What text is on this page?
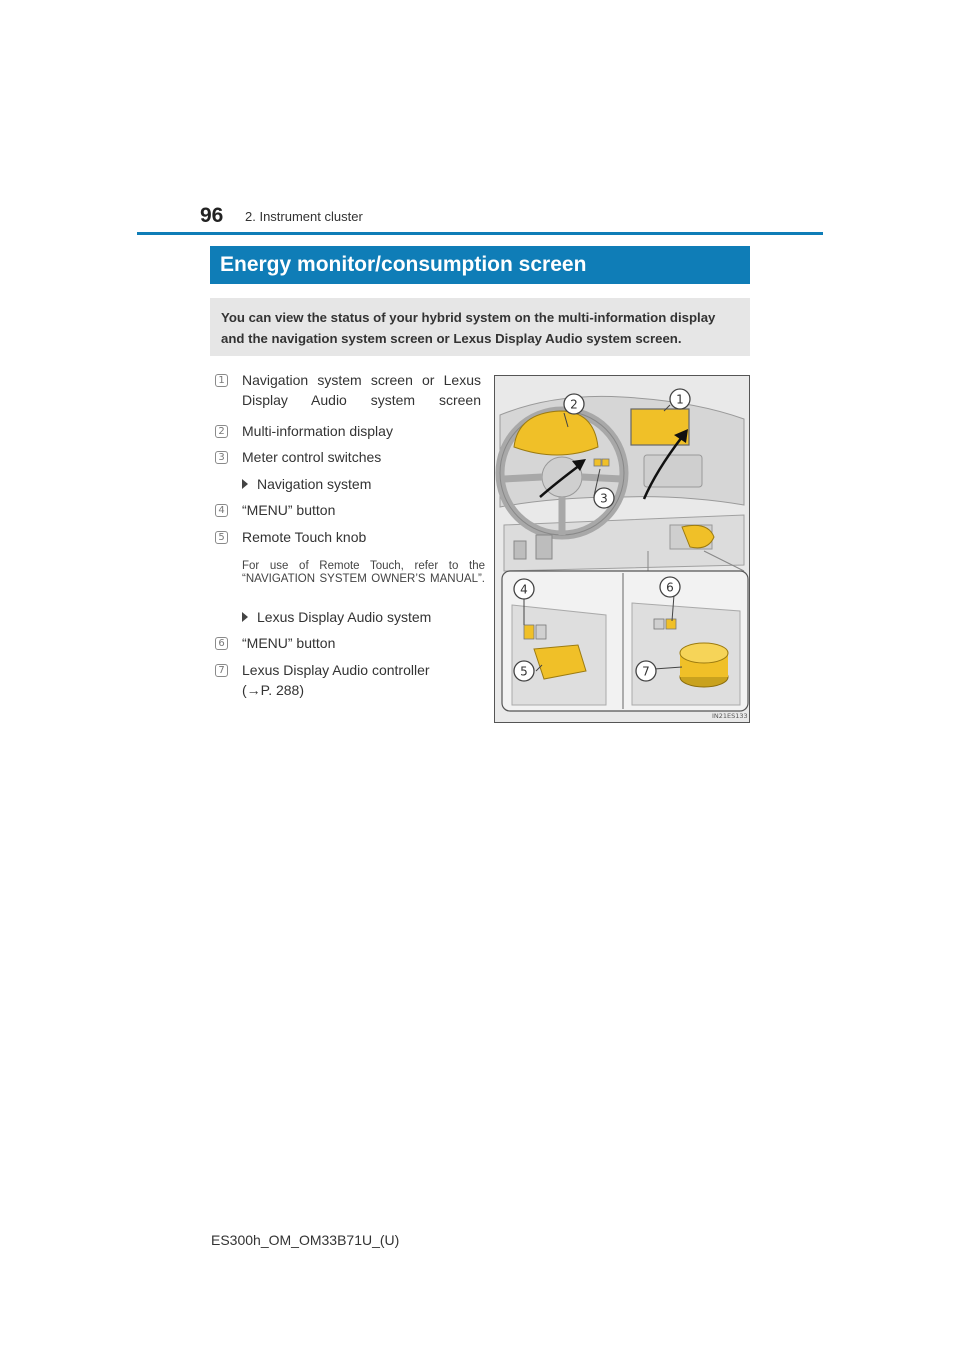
96 2. Instrument cluster
Energy monitor/consumption screen
You can view the status of your hybrid system on the multi-information display and the navigation system screen or Lexus Display Audio system screen.
1 Navigation system screen or Lexus Display Audio system screen
2 Multi-information display
3 Meter control switches
Navigation system
4 “MENU” button
5 Remote Touch knob
For use of Remote Touch, refer to the “NAVIGATION SYSTEM OWNER’S MANUAL”.
Lexus Display Audio system
6 “MENU” button
7 Lexus Display Audio controller
(→P. 288)
1
2
3
4
5
6
7
IN21ES133
ES300h_OM_OM33B71U_(U)
